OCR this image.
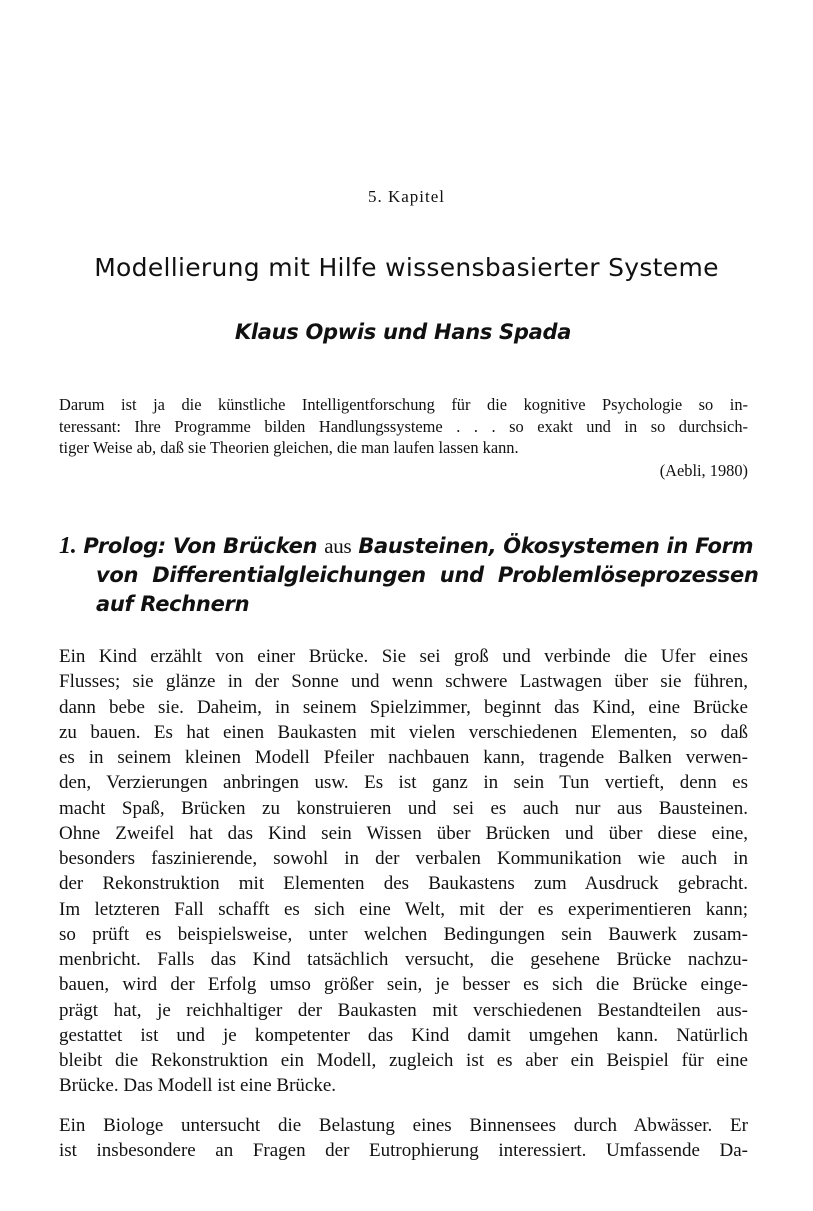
5. Kapitel
Modellierung mit Hilfe wissensbasierter Systeme
Klaus Opwis und Hans Spada
Darum ist ja die künstliche Intelligentforschung für die kognitive Psychologie so in-
teressant: Ihre Programme bilden Handlungssysteme . . . so exakt und in so durchsich-
tiger Weise ab, daß sie Theorien gleichen, die man laufen lassen kann.
(Aebli, 1980)
1. Prolog: Von Brücken aus Bausteinen, Ökosystemen in Form
von  Differentialgleichungen  und  Problemlöseprozessen
auf Rechnern
Ein Kind erzählt von einer Brücke. Sie sei groß und verbinde die Ufer eines
Flusses; sie glänze in der Sonne und wenn schwere Lastwagen über sie führen,
dann bebe sie. Daheim, in seinem Spielzimmer, beginnt das Kind, eine Brücke
zu bauen. Es hat einen Baukasten mit vielen verschiedenen Elementen, so daß
es in seinem kleinen Modell Pfeiler nachbauen kann, tragende Balken verwen-
den, Verzierungen anbringen usw. Es ist ganz in sein Tun vertieft, denn es
macht Spaß, Brücken zu konstruieren und sei es auch nur aus Bausteinen.
Ohne Zweifel hat das Kind sein Wissen über Brücken und über diese eine,
besonders faszinierende, sowohl in der verbalen Kommunikation wie auch in
der Rekonstruktion mit Elementen des Baukastens zum Ausdruck gebracht.
Im letzteren Fall schafft es sich eine Welt, mit der es experimentieren kann;
so prüft es beispielsweise, unter welchen Bedingungen sein Bauwerk zusam-
menbricht. Falls das Kind tatsächlich versucht, die gesehene Brücke nachzu-
bauen, wird der Erfolg umso größer sein, je besser es sich die Brücke einge-
prägt hat, je reichhaltiger der Baukasten mit verschiedenen Bestandteilen aus-
gestattet ist und je kompetenter das Kind damit umgehen kann. Natürlich
bleibt die Rekonstruktion ein Modell, zugleich ist es aber ein Beispiel für eine
Brücke. Das Modell ist eine Brücke.
Ein Biologe untersucht die Belastung eines Binnensees durch Abwässer. Er
ist insbesondere an Fragen der Eutrophierung interessiert. Umfassende Da-
